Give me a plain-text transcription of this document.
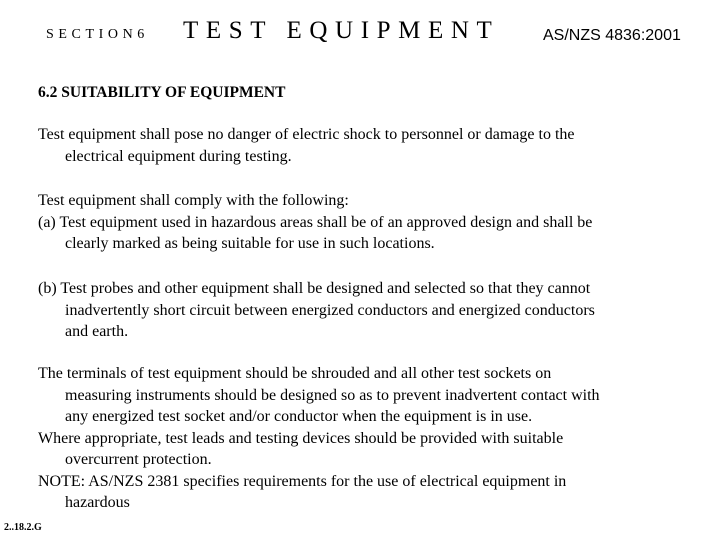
SECTION6 TEST EQUIPMENT	AS/NZS 4836:2001
6.2 SUITABILITY OF EQUIPMENT
Test equipment shall pose no danger of electric shock to personnel or damage to the
electrical equipment during testing.
Test equipment shall comply with the following:
(a) Test equipment used in hazardous areas shall be of an approved design and shall be
clearly marked as being suitable for use in such locations.
(b) Test probes and other equipment shall be designed and selected so that they cannot
inadvertently short circuit between energized conductors and energized conductors
and earth.
The terminals of test equipment should be shrouded and all other test sockets on
measuring instruments should be designed so as to prevent inadvertent contact with
any energized test socket and/or conductor when the equipment is in use.
Where appropriate, test leads and testing devices should be provided with suitable
overcurrent protection.
NOTE: AS/NZS 2381 specifies requirements for the use of electrical equipment in
hazardous
2..18.2.G
